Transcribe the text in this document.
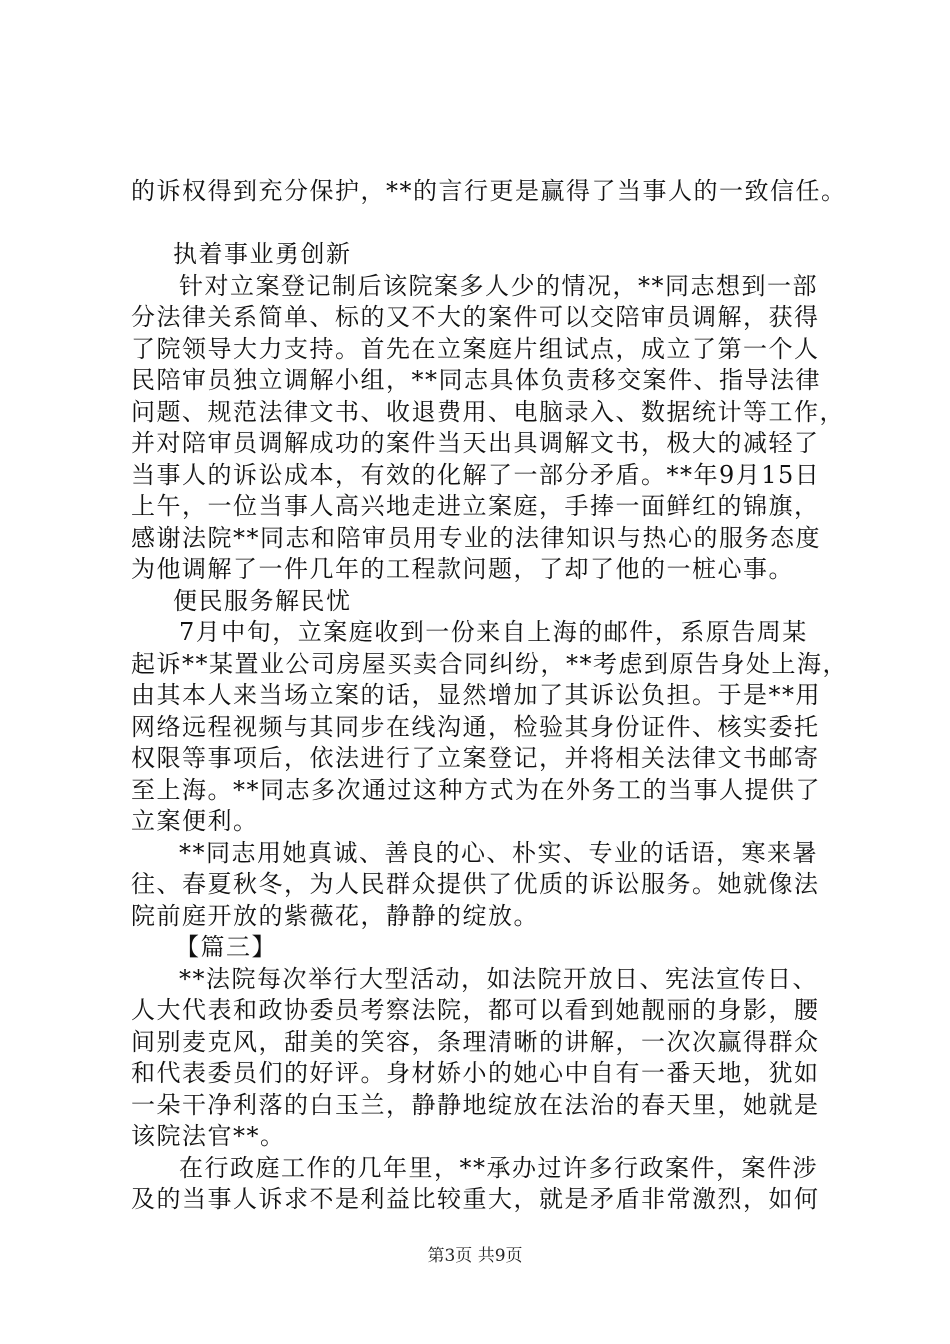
的诉权得到充分保护，**的言行更是赢得了当事人的一致信任。

执着事业勇创新
针对立案登记制后该院案多人少的情况，**同志想到一部
分法律关系简单、标的又不大的案件可以交陪审员调解，获得
了院领导大力支持。首先在立案庭片组试点，成立了第一个人
民陪审员独立调解小组，**同志具体负责移交案件、指导法律
问题、规范法律文书、收退费用、电脑录入、数据统计等工作，
并对陪审员调解成功的案件当天出具调解文书，极大的减轻了
当事人的诉讼成本，有效的化解了一部分矛盾。**年9月15日
上午，一位当事人高兴地走进立案庭，手捧一面鲜红的锦旗，
感谢法院**同志和陪审员用专业的法律知识与热心的服务态度
为他调解了一件几年的工程款问题，了却了他的一桩心事。
便民服务解民忧
7月中旬，立案庭收到一份来自上海的邮件，系原告周某
起诉**某置业公司房屋买卖合同纠纷，**考虑到原告身处上海，
由其本人来当场立案的话，显然增加了其诉讼负担。于是**用
网络远程视频与其同步在线沟通，检验其身份证件、核实委托
权限等事项后，依法进行了立案登记，并将相关法律文书邮寄
至上海。**同志多次通过这种方式为在外务工的当事人提供了
立案便利。
**同志用她真诚、善良的心、朴实、专业的话语，寒来暑
往、春夏秋冬，为人民群众提供了优质的诉讼服务。她就像法
院前庭开放的紫薇花，静静的绽放。
【篇三】
**法院每次举行大型活动，如法院开放日、宪法宣传日、
人大代表和政协委员考察法院，都可以看到她靓丽的身影，腰
间别麦克风，甜美的笑容，条理清晰的讲解，一次次赢得群众
和代表委员们的好评。身材娇小的她心中自有一番天地，犹如
一朵干净利落的白玉兰，静静地绽放在法治的春天里，她就是
该院法官**。
在行政庭工作的几年里，**承办过许多行政案件，案件涉
及的当事人诉求不是利益比较重大，就是矛盾非常激烈，如何
第3页 共9页
